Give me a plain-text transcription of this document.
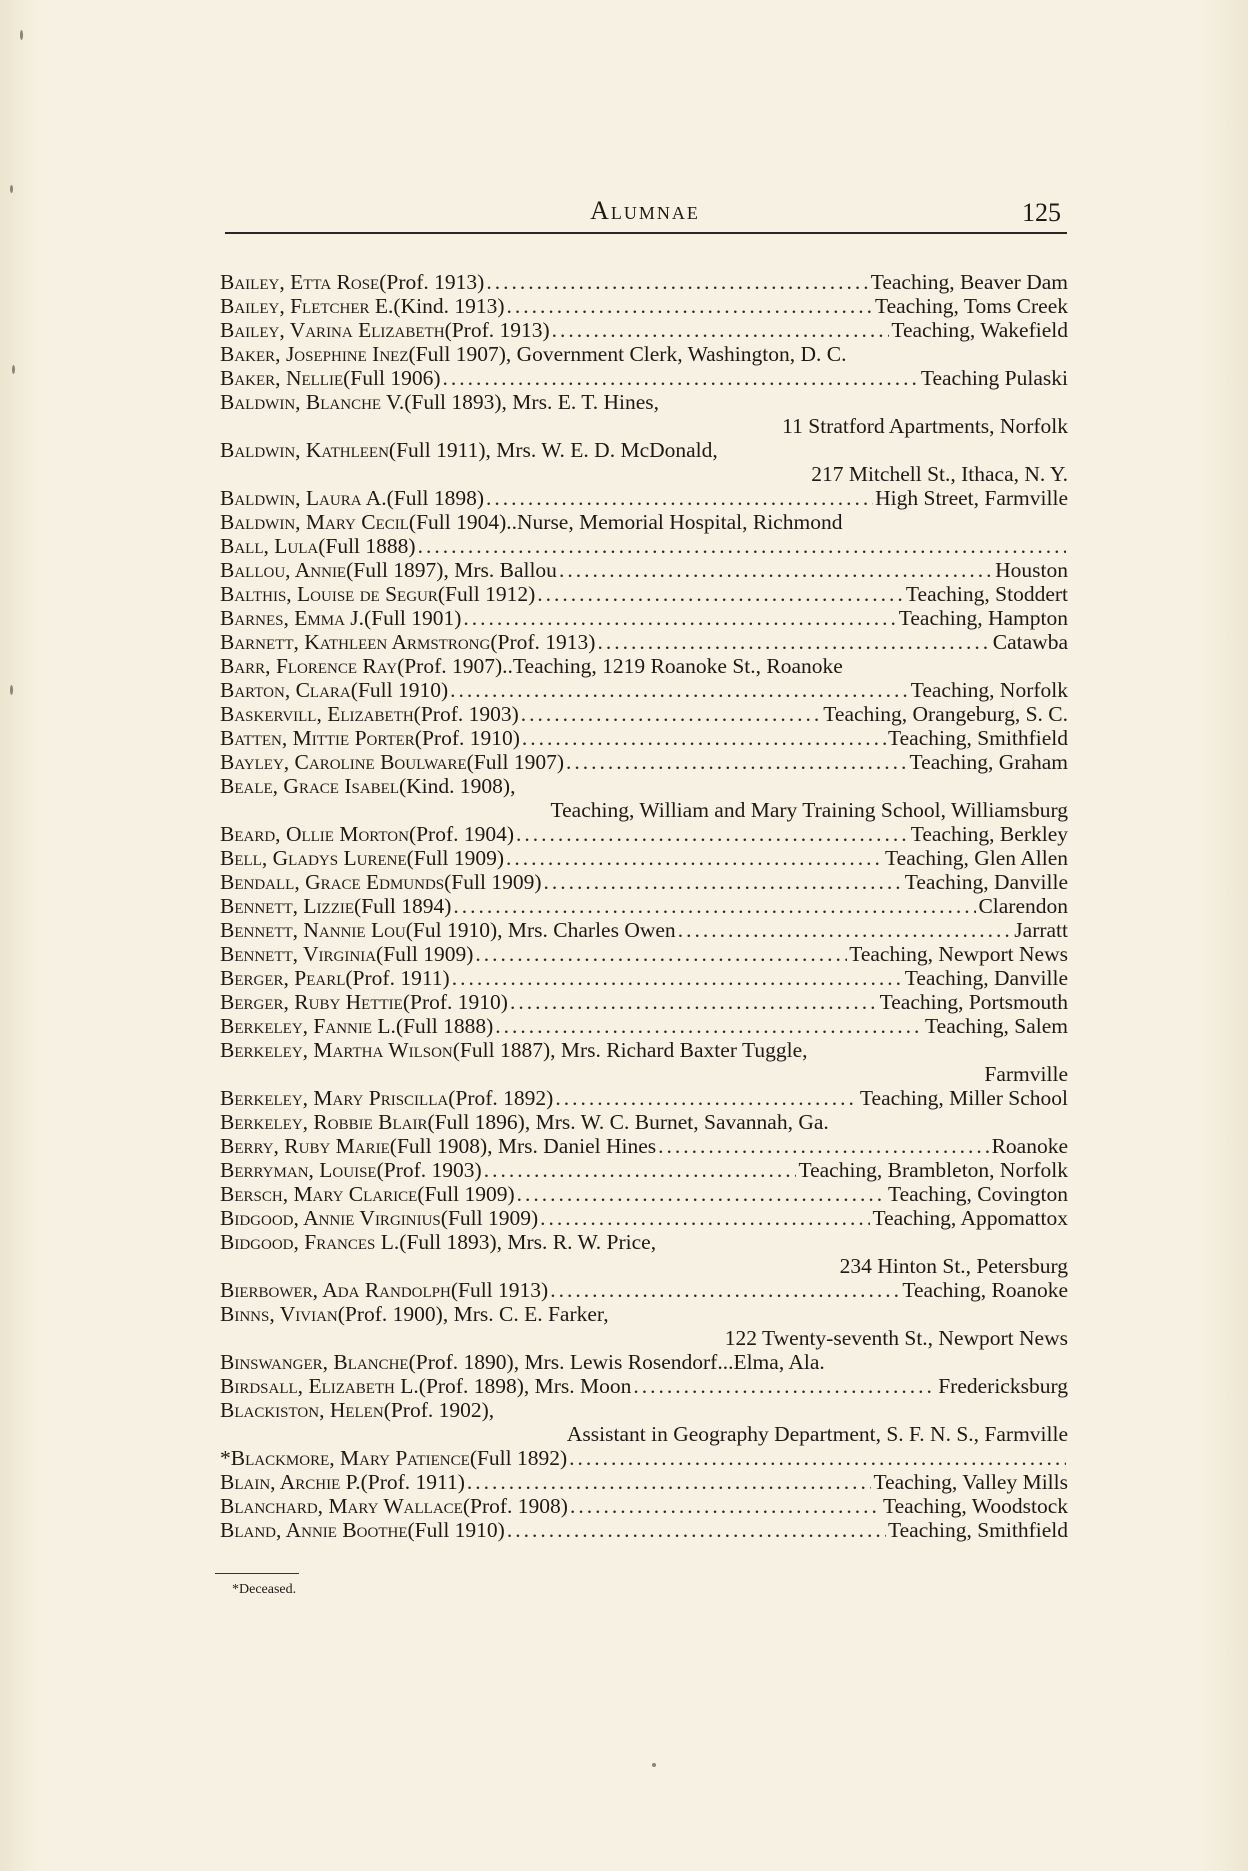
Alumnae	125
Bailey, Etta Rose (Prof. 1913) .....	Teaching, Beaver Dam
Bailey, Fletcher E. (Kind. 1913) .....	Teaching, Toms Creek
Bailey, Varina Elizabeth (Prof. 1913) .....	Teaching, Wakefield
Baker, Josephine Inez (Full 1907), Government Clerk, Washington, D. C.
Baker, Nellie (Full 1906) .....	Teaching Pulaski
Baldwin, Blanche V. (Full 1893), Mrs. E. T. Hines,
11 Stratford Apartments, Norfolk
Baldwin, Kathleen (Full 1911), Mrs. W. E. D. McDonald,
217 Mitchell St., Ithaca, N. Y.
Baldwin, Laura A. (Full 1898) .....	High Street, Farmville
Baldwin, Mary Cecil (Full 1904)..Nurse, Memorial Hospital, Richmond
Ball, Lula (Full 1888)
.....
Ballou, Annie (Full 1897), Mrs. Ballou .....	Houston
Balthis, Louise de Segur (Full 1912) .....	Teaching, Stoddert
Barnes, Emma J. (Full 1901) .....	Teaching, Hampton
Barnett, Kathleen Armstrong (Prof. 1913) .....	Catawba
Barr, Florence Ray (Prof. 1907)..Teaching, 1219 Roanoke St., Roanoke
Barton, Clara (Full 1910) .....	Teaching, Norfolk
Baskervill, Elizabeth (Prof. 1903) .....	Teaching, Orangeburg, S. C.
Batten, Mittie Porter (Prof. 1910) .....	Teaching, Smithfield
Bayley, Caroline Boulware (Full 1907) .....	Teaching, Graham
Beale, Grace Isabel (Kind. 1908),
Teaching, William and Mary Training School, Williamsburg
Beard, Ollie Morton (Prof. 1904) .....	Teaching, Berkley
Bell, Gladys Lurene (Full 1909) .....	Teaching, Glen Allen
Bendall, Grace Edmunds (Full 1909) .....	Teaching, Danville
Bennett, Lizzie (Full 1894) .....	Clarendon
Bennett, Nannie Lou (Ful 1910), Mrs. Charles Owen .....	Jarratt
Bennett, Virginia (Full 1909) .....	Teaching, Newport News
Berger, Pearl (Prof. 1911) .....	Teaching, Danville
Berger, Ruby Hettie (Prof. 1910) .....	Teaching, Portsmouth
Berkeley, Fannie L. (Full 1888) .....	Teaching, Salem
Berkeley, Martha Wilson (Full 1887), Mrs. Richard Baxter Tuggle,
Farmville
Berkeley, Mary Priscilla (Prof. 1892) .....	Teaching, Miller School
Berkeley, Robbie Blair (Full 1896), Mrs. W. C. Burnet, Savannah, Ga.
Berry, Ruby Marie (Full 1908), Mrs. Daniel Hines .....	Roanoke
Berryman, Louise (Prof. 1903) .....	Teaching, Brambleton, Norfolk
Bersch, Mary Clarice (Full 1909) .....	Teaching, Covington
Bidgood, Annie Virginius (Full 1909) .....	Teaching, Appomattox
Bidgood, Frances L. (Full 1893), Mrs. R. W. Price,
234 Hinton St., Petersburg
Bierbower, Ada Randolph (Full 1913) .....	Teaching, Roanoke
Binns, Vivian (Prof. 1900), Mrs. C. E. Farker,
122 Twenty-seventh St., Newport News
Binswanger, Blanche (Prof. 1890), Mrs. Lewis Rosendorf...Elma, Ala.
Birdsall, Elizabeth L. (Prof. 1898), Mrs. Moon .....	Fredericksburg
Blackiston, Helen (Prof. 1902),
Assistant in Geography Department, S. F. N. S., Farmville
*Blackmore, Mary Patience (Full 1892)
.....
Blain, Archie P. (Prof. 1911) .....	Teaching, Valley Mills
Blanchard, Mary Wallace (Prof. 1908) .....	Teaching, Woodstock
Bland, Annie Boothe (Full 1910) .....	Teaching, Smithfield
*Deceased.
